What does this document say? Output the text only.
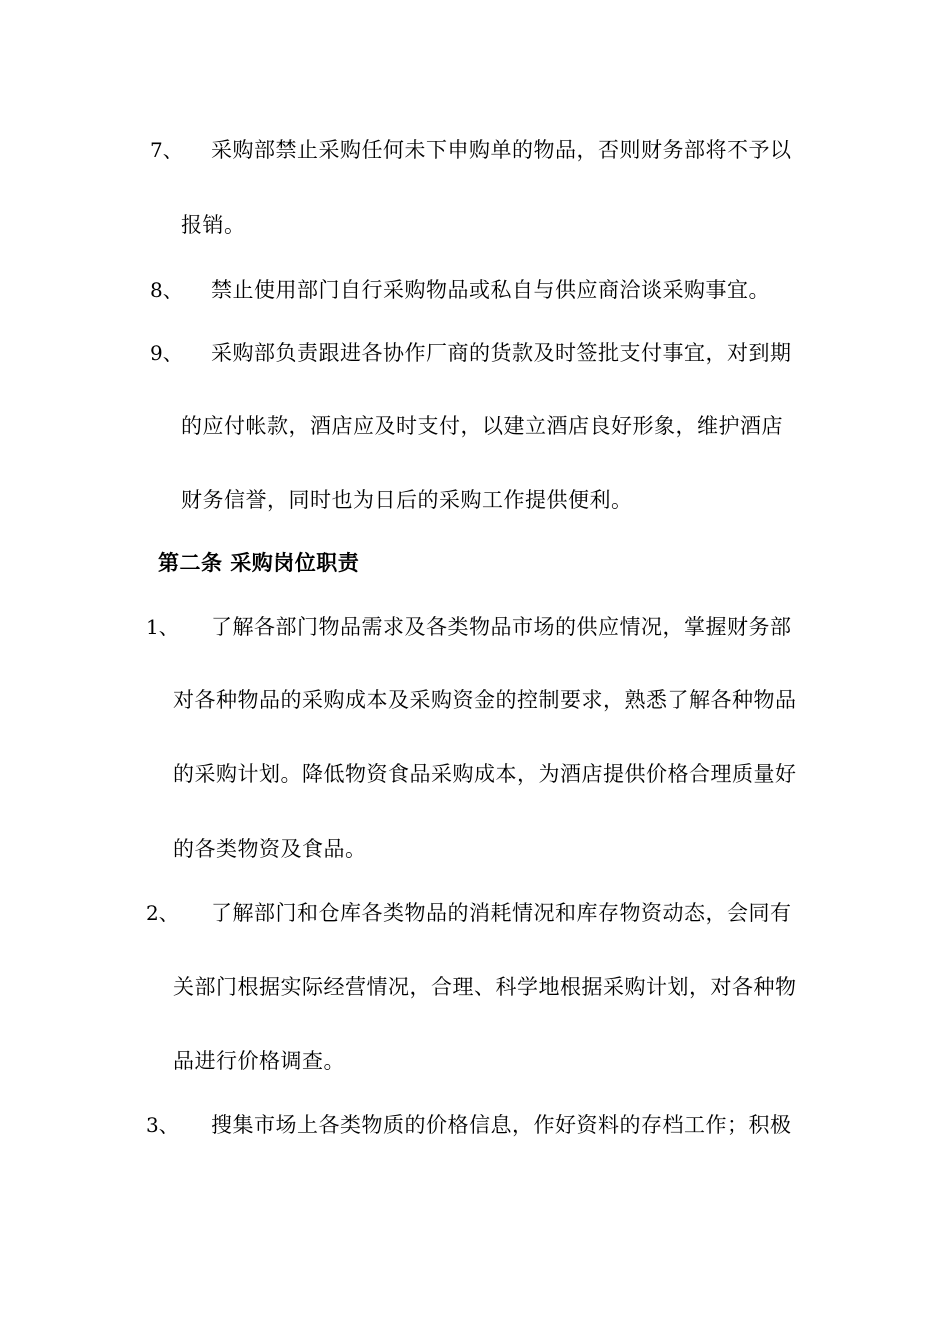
7、 采购部禁止采购任何未下申购单的物品，否则财务部将不予以
报销。
8、 禁止使用部门自行采购物品或私自与供应商洽谈采购事宜。
9、 采购部负责跟进各协作厂商的货款及时签批支付事宜，对到期
的应付帐款，酒店应及时支付，以建立酒店良好形象，维护酒店
财务信誉，同时也为日后的采购工作提供便利。
第二条 采购岗位职责
1、 了解各部门物品需求及各类物品市场的供应情况，掌握财务部
对各种物品的采购成本及采购资金的控制要求，熟悉了解各种物品
的采购计划。降低物资食品采购成本，为酒店提供价格合理质量好
的各类物资及食品。
2、 了解部门和仓库各类物品的消耗情况和库存物资动态，会同有
关部门根据实际经营情况，合理、科学地根据采购计划，对各种物
品进行价格调查。
3、 搜集市场上各类物质的价格信息，作好资料的存档工作；积极
